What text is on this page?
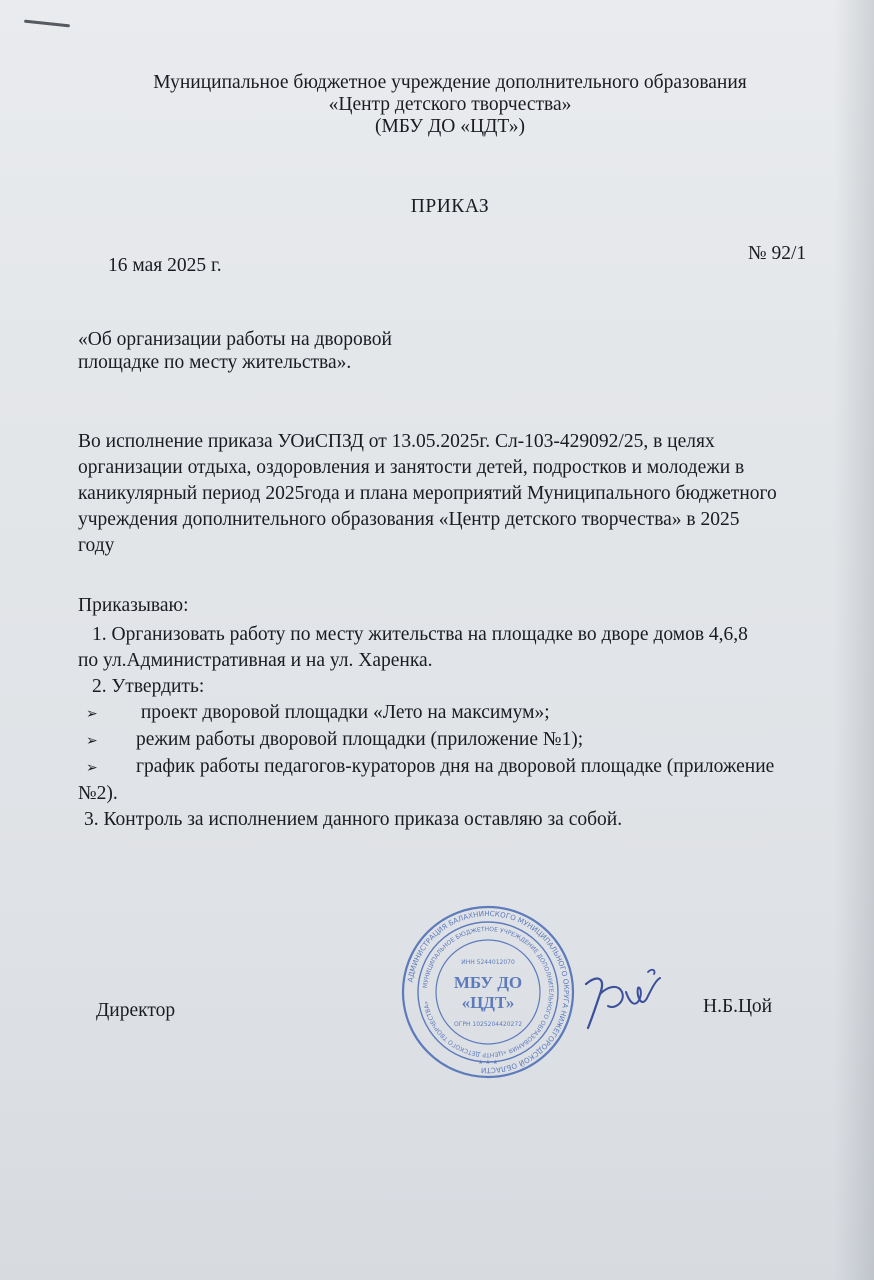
Муниципальное бюджетное учреждение дополнительного образования
«Центр детского творчества»
(МБУ ДО «ЦДТ»)
ПРИКАЗ
16 мая 2025 г.
№ 92/1
«Об организации работы на дворовой
площадке по месту жительства».
Во исполнение приказа УОиСПЗД от 13.05.2025г. Сл-103-429092/25, в целях
организации отдыха, оздоровления и занятости детей, подростков и молодежи в
каникулярный период 2025года и плана мероприятий Муниципального бюджетного
учреждения дополнительного образования «Центр детского творчества» в 2025
году
Приказываю:
1. Организовать работу по месту жительства на площадке во дворе домов 4,6,8
по ул.Административная и на ул. Харенка.
2. Утвердить:
➢ проект дворовой площадки «Лето на максимум»;
➢ режим работы дворовой площадки (приложение №1);
➢ график работы педагогов-кураторов дня на дворовой площадке (приложение
№2).
3. Контроль за исполнением данного приказа оставляю за собой.
Директор
АДМИНИСТРАЦИЯ БАЛАХНИНСКОГО МУНИЦИПАЛЬНОГО ОКРУГА НИЖЕГОРОДСКОЙ ОБЛАСТИ
МУНИЦИПАЛЬНОЕ БЮДЖЕТНОЕ УЧРЕЖДЕНИЕ ДОПОЛНИТЕЛЬНОГО ОБРАЗОВАНИЯ «ЦЕНТР ДЕТСКОГО ТВОРЧЕСТВА»
ИНН 5244012070
МБУ ДО
«ЦДТ»
ОГРН 1025204420272
★ ★ ★
Н.Б.Цой
